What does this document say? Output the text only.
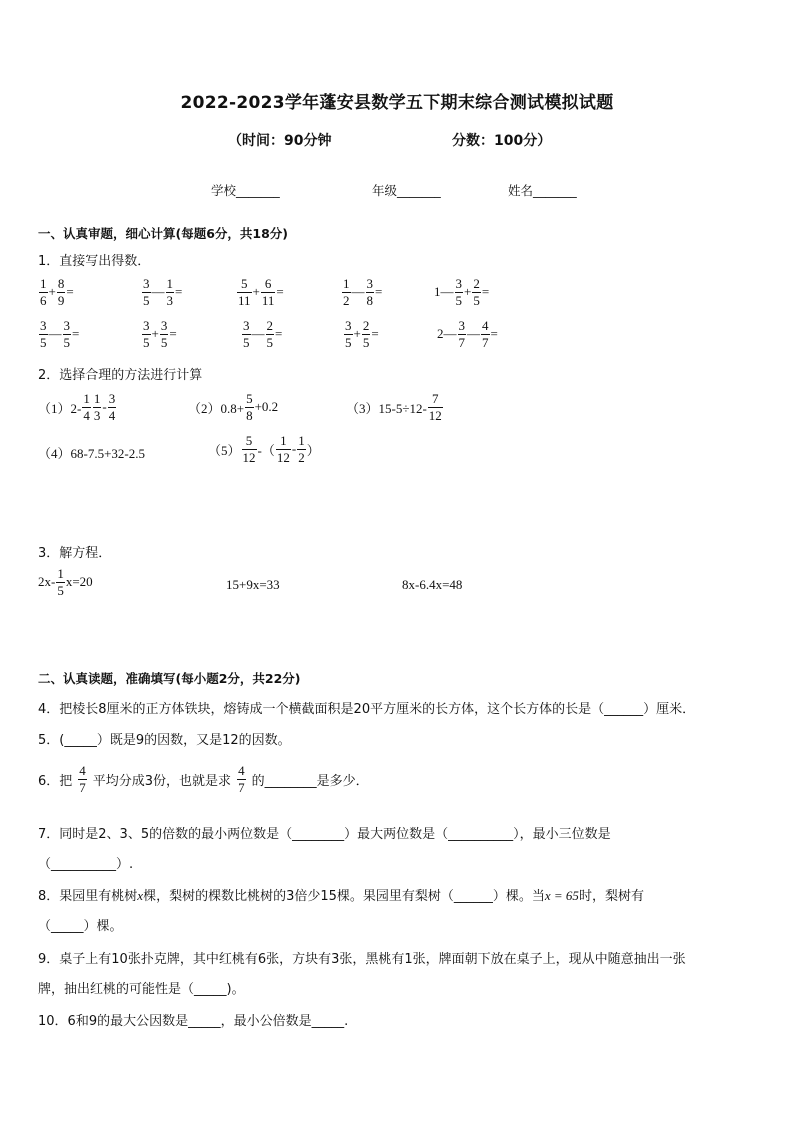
2022-2023学年蓬安县数学五下期末综合测试模拟试题
（时间：90分钟	分数：100分）
学校_______	年级_______	姓名_______
一、认真审题，细心计算(每题6分，共18分)
1．直接写出得数．
$\frac{1}{6} + \frac{8}{9}$ =	$\frac{3}{5}$ — $\frac{1}{3}$ =	$\frac{5}{11} + \frac{6}{11}$ =	$\frac{1}{2}$ — $\frac{3}{8}$ =	1— $\frac{3}{5} + \frac{2}{5}$ =
$\frac{3}{5}$ — $\frac{3}{5}$ =	$\frac{3}{5} + \frac{3}{5}$ =	$\frac{3}{5}$ — $\frac{2}{5}$ =	$\frac{3}{5} + \frac{2}{5}$ =	2— $\frac{3}{7}$ — $\frac{4}{7}$ =
2．选择合理的方法进行计算
$(1)2- \frac{1}{4} \frac{1}{3} - \frac{3}{4}$	$(2)0.8+ \frac{5}{8} +0.2$	$(3)15-5\div 12- \frac{7}{12}$
（4）68-7.5+32-2.5	$(5) \frac{5}{12}$ -（ $\frac{1}{12} - \frac{1}{2}$ ）
3．解方程．
$2x- \frac{1}{5} x=20$	15+9x=33	8x-6.4x=48
二、认真读题，准确填写(每小题2分，共22分)
4．把棱长8厘米的正方体铁块，熔铸成一个横截面积是20平方厘米的长方体，这个长方体的长是（______）厘米．
5．(_____）既是9的因数，又是12的因数。
6．把 $\frac{4}{7}$ 平均分成3份，也就是求 $\frac{4}{7}$ 的________是多少．
7．同时是2、3、5的倍数的最小两位数是（________）最大两位数是（__________），最小三位数是
（__________）.
8．果园里有桃树x棵，梨树的棵数比桃树的3倍少15棵。果园里有梨树（______）棵。当x = 65时，梨树有
（_____）棵。
9．桌子上有10张扑克牌，其中红桃有6张，方块有3张，黑桃有1张，牌面朝下放在桌子上，现从中随意抽出一张
牌，抽出红桃的可能性是（_____)。
10．6和9的最大公因数是_____，最小公倍数是_____.
